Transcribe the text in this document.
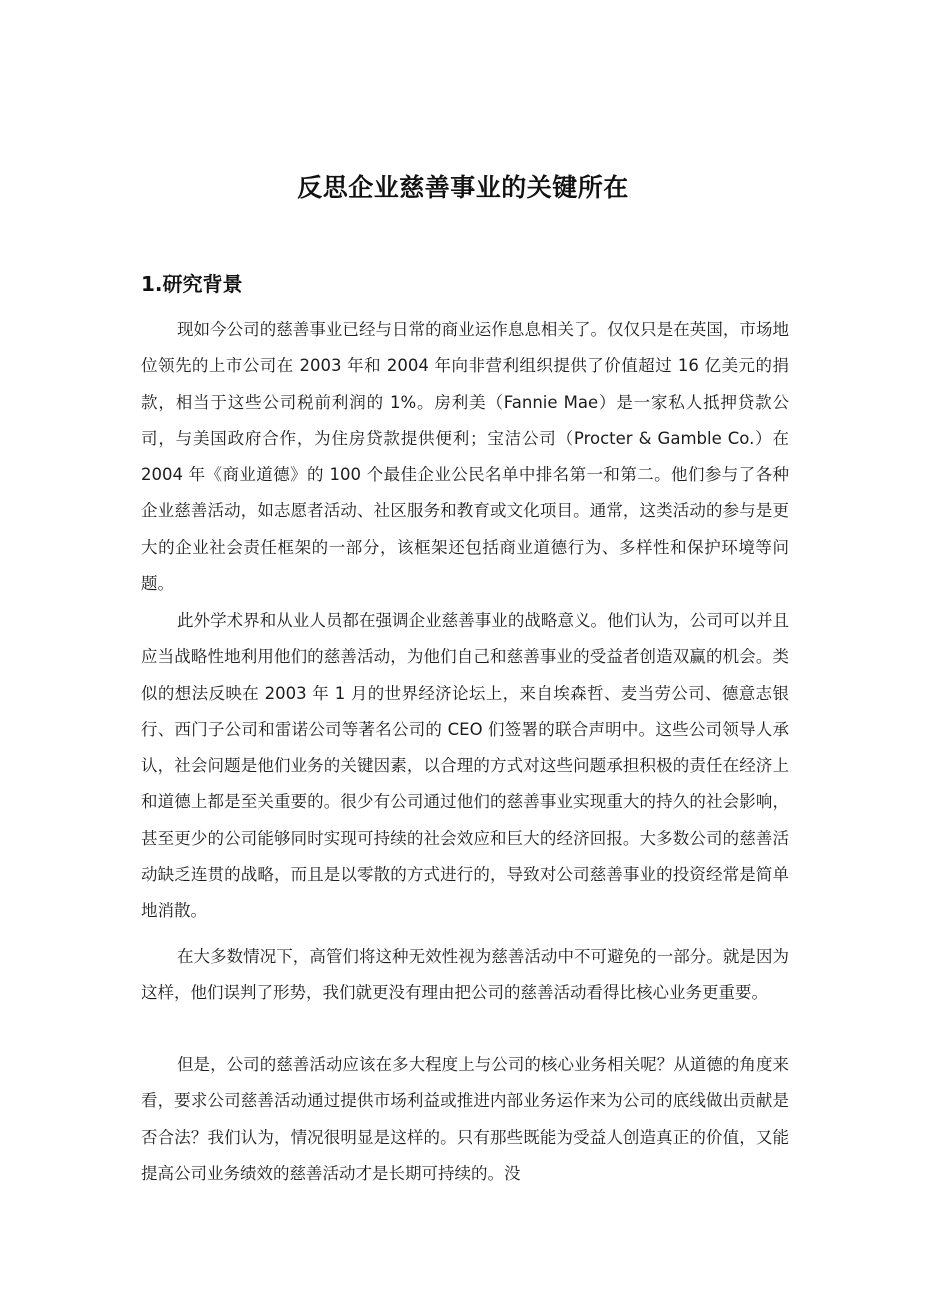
反思企业慈善事业的关键所在
1.研究背景

现如今公司的慈善事业已经与日常的商业运作息息相关了。仅仅只是在英国，市场地位领先的上市公司在 2003 年和 2004 年向非营利组织提供了价值超过 16 亿美元的捐款，相当于这些公司税前利润的 1%。房利美（Fannie Mae）是一家私人抵押贷款公司，与美国政府合作，为住房贷款提供便利；宝洁公司（Procter & Gamble Co.）在 2004 年《商业道德》的 100 个最佳企业公民名单中排名第一和第二。他们参与了各种企业慈善活动，如志愿者活动、社区服务和教育或文化项目。通常，这类活动的参与是更大的企业社会责任框架的一部分，该框架还包括商业道德行为、多样性和保护环境等问题。

此外学术界和从业人员都在强调企业慈善事业的战略意义。他们认为，公司可以并且应当战略性地利用他们的慈善活动，为他们自己和慈善事业的受益者创造双赢的机会。类似的想法反映在 2003 年 1 月的世界经济论坛上，来自埃森哲、麦当劳公司、德意志银行、西门子公司和雷诺公司等著名公司的 CEO 们签署的联合声明中。这些公司领导人承认，社会问题是他们业务的关键因素，以合理的方式对这些问题承担积极的责任在经济上和道德上都是至关重要的。很少有公司通过他们的慈善事业实现重大的持久的社会影响，甚至更少的公司能够同时实现可持续的社会效应和巨大的经济回报。大多数公司的慈善活动缺乏连贯的战略，而且是以零散的方式进行的，导致对公司慈善事业的投资经常是简单地消散。

在大多数情况下，高管们将这种无效性视为慈善活动中不可避免的一部分。就是因为这样，他们误判了形势，我们就更没有理由把公司的慈善活动看得比核心业务更重要。

但是，公司的慈善活动应该在多大程度上与公司的核心业务相关呢？从道德的角度来看，要求公司慈善活动通过提供市场利益或推进内部业务运作来为公司的底线做出贡献是否合法？我们认为，情况很明显是这样的。只有那些既能为受益人创造真正的价值，又能提高公司业务绩效的慈善活动才是长期可持续的。没
